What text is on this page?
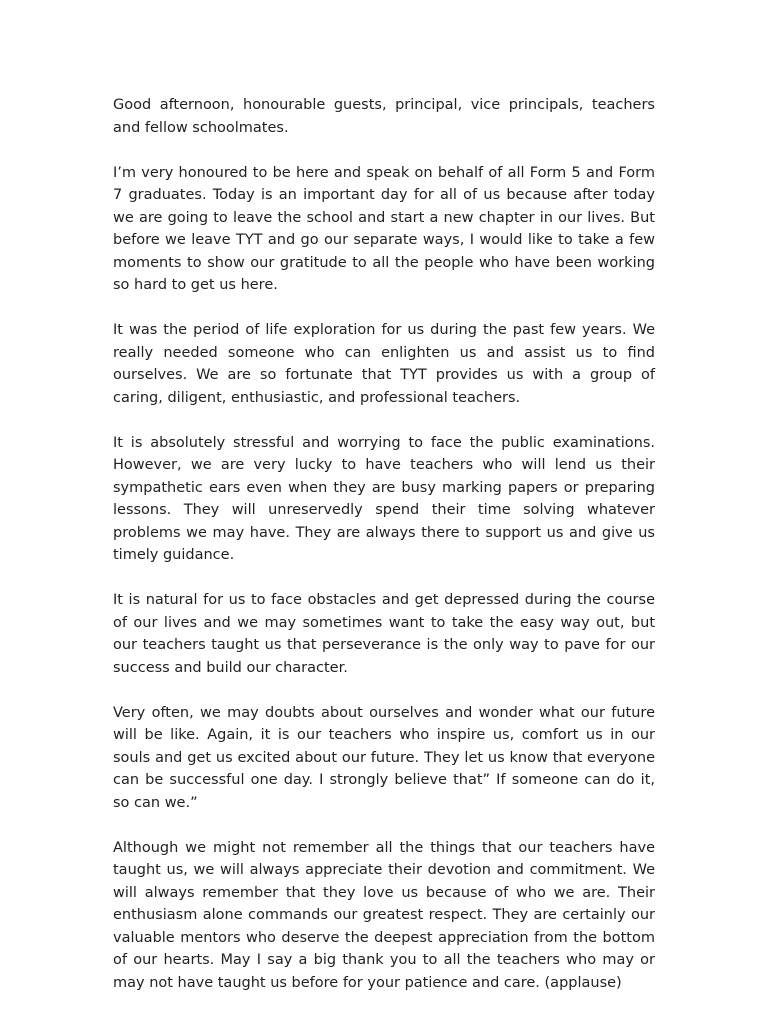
Good afternoon, honourable guests, principal, vice principals, teachers and fellow schoolmates.

I’m very honoured to be here and speak on behalf of all Form 5 and Form 7 graduates. Today is an important day for all of us because after today we are going to leave the school and start a new chapter in our lives. But before we leave TYT and go our separate ways, I would like to take a few moments to show our gratitude to all the people who have been working so hard to get us here.

It was the period of life exploration for us during the past few years. We really needed someone who can enlighten us and assist us to find ourselves. We are so fortunate that TYT provides us with a group of caring, diligent, enthusiastic, and professional teachers.

It is absolutely stressful and worrying to face the public examinations. However, we are very lucky to have teachers who will lend us their sympathetic ears even when they are busy marking papers or preparing lessons. They will unreservedly spend their time solving whatever problems we may have. They are always there to support us and give us timely guidance.

It is natural for us to face obstacles and get depressed during the course of our lives and we may sometimes want to take the easy way out, but our teachers taught us that perseverance is the only way to pave for our success and build our character.

Very often, we may doubts about ourselves and wonder what our future will be like. Again, it is our teachers who inspire us, comfort us in our souls and get us excited about our future. They let us know that everyone can be successful one day. I strongly believe that” If someone can do it, so can we.”

Although we might not remember all the things that our teachers have taught us, we will always appreciate their devotion and commitment. We will always remember that they love us because of who we are. Their enthusiasm alone commands our greatest respect. They are certainly our valuable mentors who deserve the deepest appreciation from the bottom of our hearts. May I say a big thank you to all the teachers who may or may not have taught us before for your patience and care. (applause)
